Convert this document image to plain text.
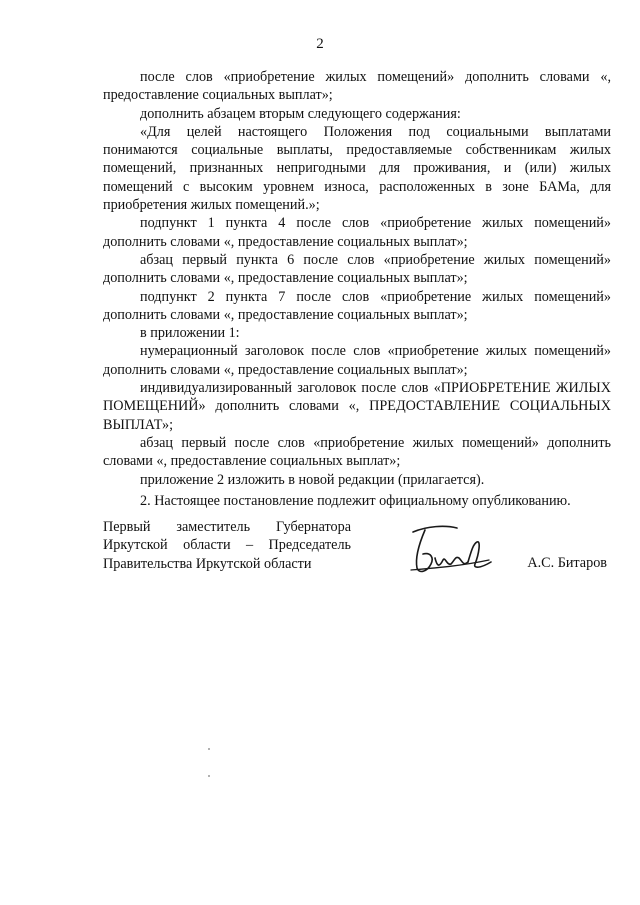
2

после слов «приобретение жилых помещений» дополнить словами «, предоставление социальных выплат»;

дополнить абзацем вторым следующего содержания:

«Для целей настоящего Положения под социальными выплатами понимаются социальные выплаты, предоставляемые собственникам жилых помещений, признанных непригодными для проживания, и (или) жилых помещений с высоким уровнем износа, расположенных в зоне БАМа, для приобретения жилых помещений.»;

подпункт 1 пункта 4 после слов «приобретение жилых помещений» дополнить словами «, предоставление социальных выплат»;

абзац первый пункта 6 после слов «приобретение жилых помещений» дополнить словами «, предоставление социальных выплат»;

подпункт 2 пункта 7 после слов «приобретение жилых помещений» дополнить словами «, предоставление социальных выплат»;

в приложении 1:

нумерационный заголовок после слов «приобретение жилых помещений» дополнить словами «, предоставление социальных выплат»;

индивидуализированный заголовок после слов «ПРИОБРЕТЕНИЕ ЖИЛЫХ ПОМЕЩЕНИЙ» дополнить словами «, ПРЕДОСТАВЛЕНИЕ СОЦИАЛЬНЫХ ВЫПЛАТ»;

абзац первый после слов «приобретение жилых помещений» дополнить словами «, предоставление социальных выплат»;

приложение 2 изложить в новой редакции (прилагается).

2. Настоящее постановление подлежит официальному опубликованию.

Первый заместитель Губернатора
Иркутской области – Председатель
Правительства Иркутской области	А.С. Битаров
